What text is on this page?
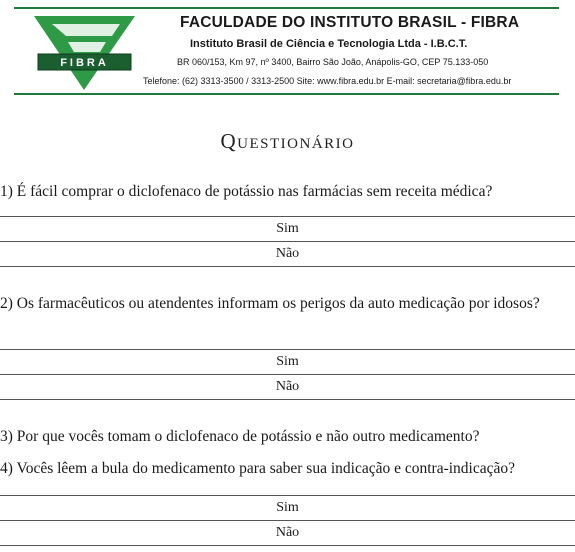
FIBRA
FACULDADE DO INSTITUTO BRASIL - FIBRA
Instituto Brasil de Ciência e Tecnologia Ltda - I.B.C.T.
BR 060/153, Km 97, nº 3400, Bairro São João, Anápolis-GO, CEP 75.133-050
Telefone: (62) 3313-3500 / 3313-2500 Site: www.fibra.edu.br E-mail: secretaria@fibra.edu.br
Questionário

1) É fácil comprar o diclofenaco de potássio nas farmácias sem receita médica?

Sim
Não

2) Os farmacêuticos ou atendentes informam os perigos da auto medicação por idosos?

Sim
Não

3) Por que vocês tomam o diclofenaco de potássio e não outro medicamento?

4) Vocês lêem a bula do medicamento para saber sua indicação e contra-indicação?

Sim
Não
